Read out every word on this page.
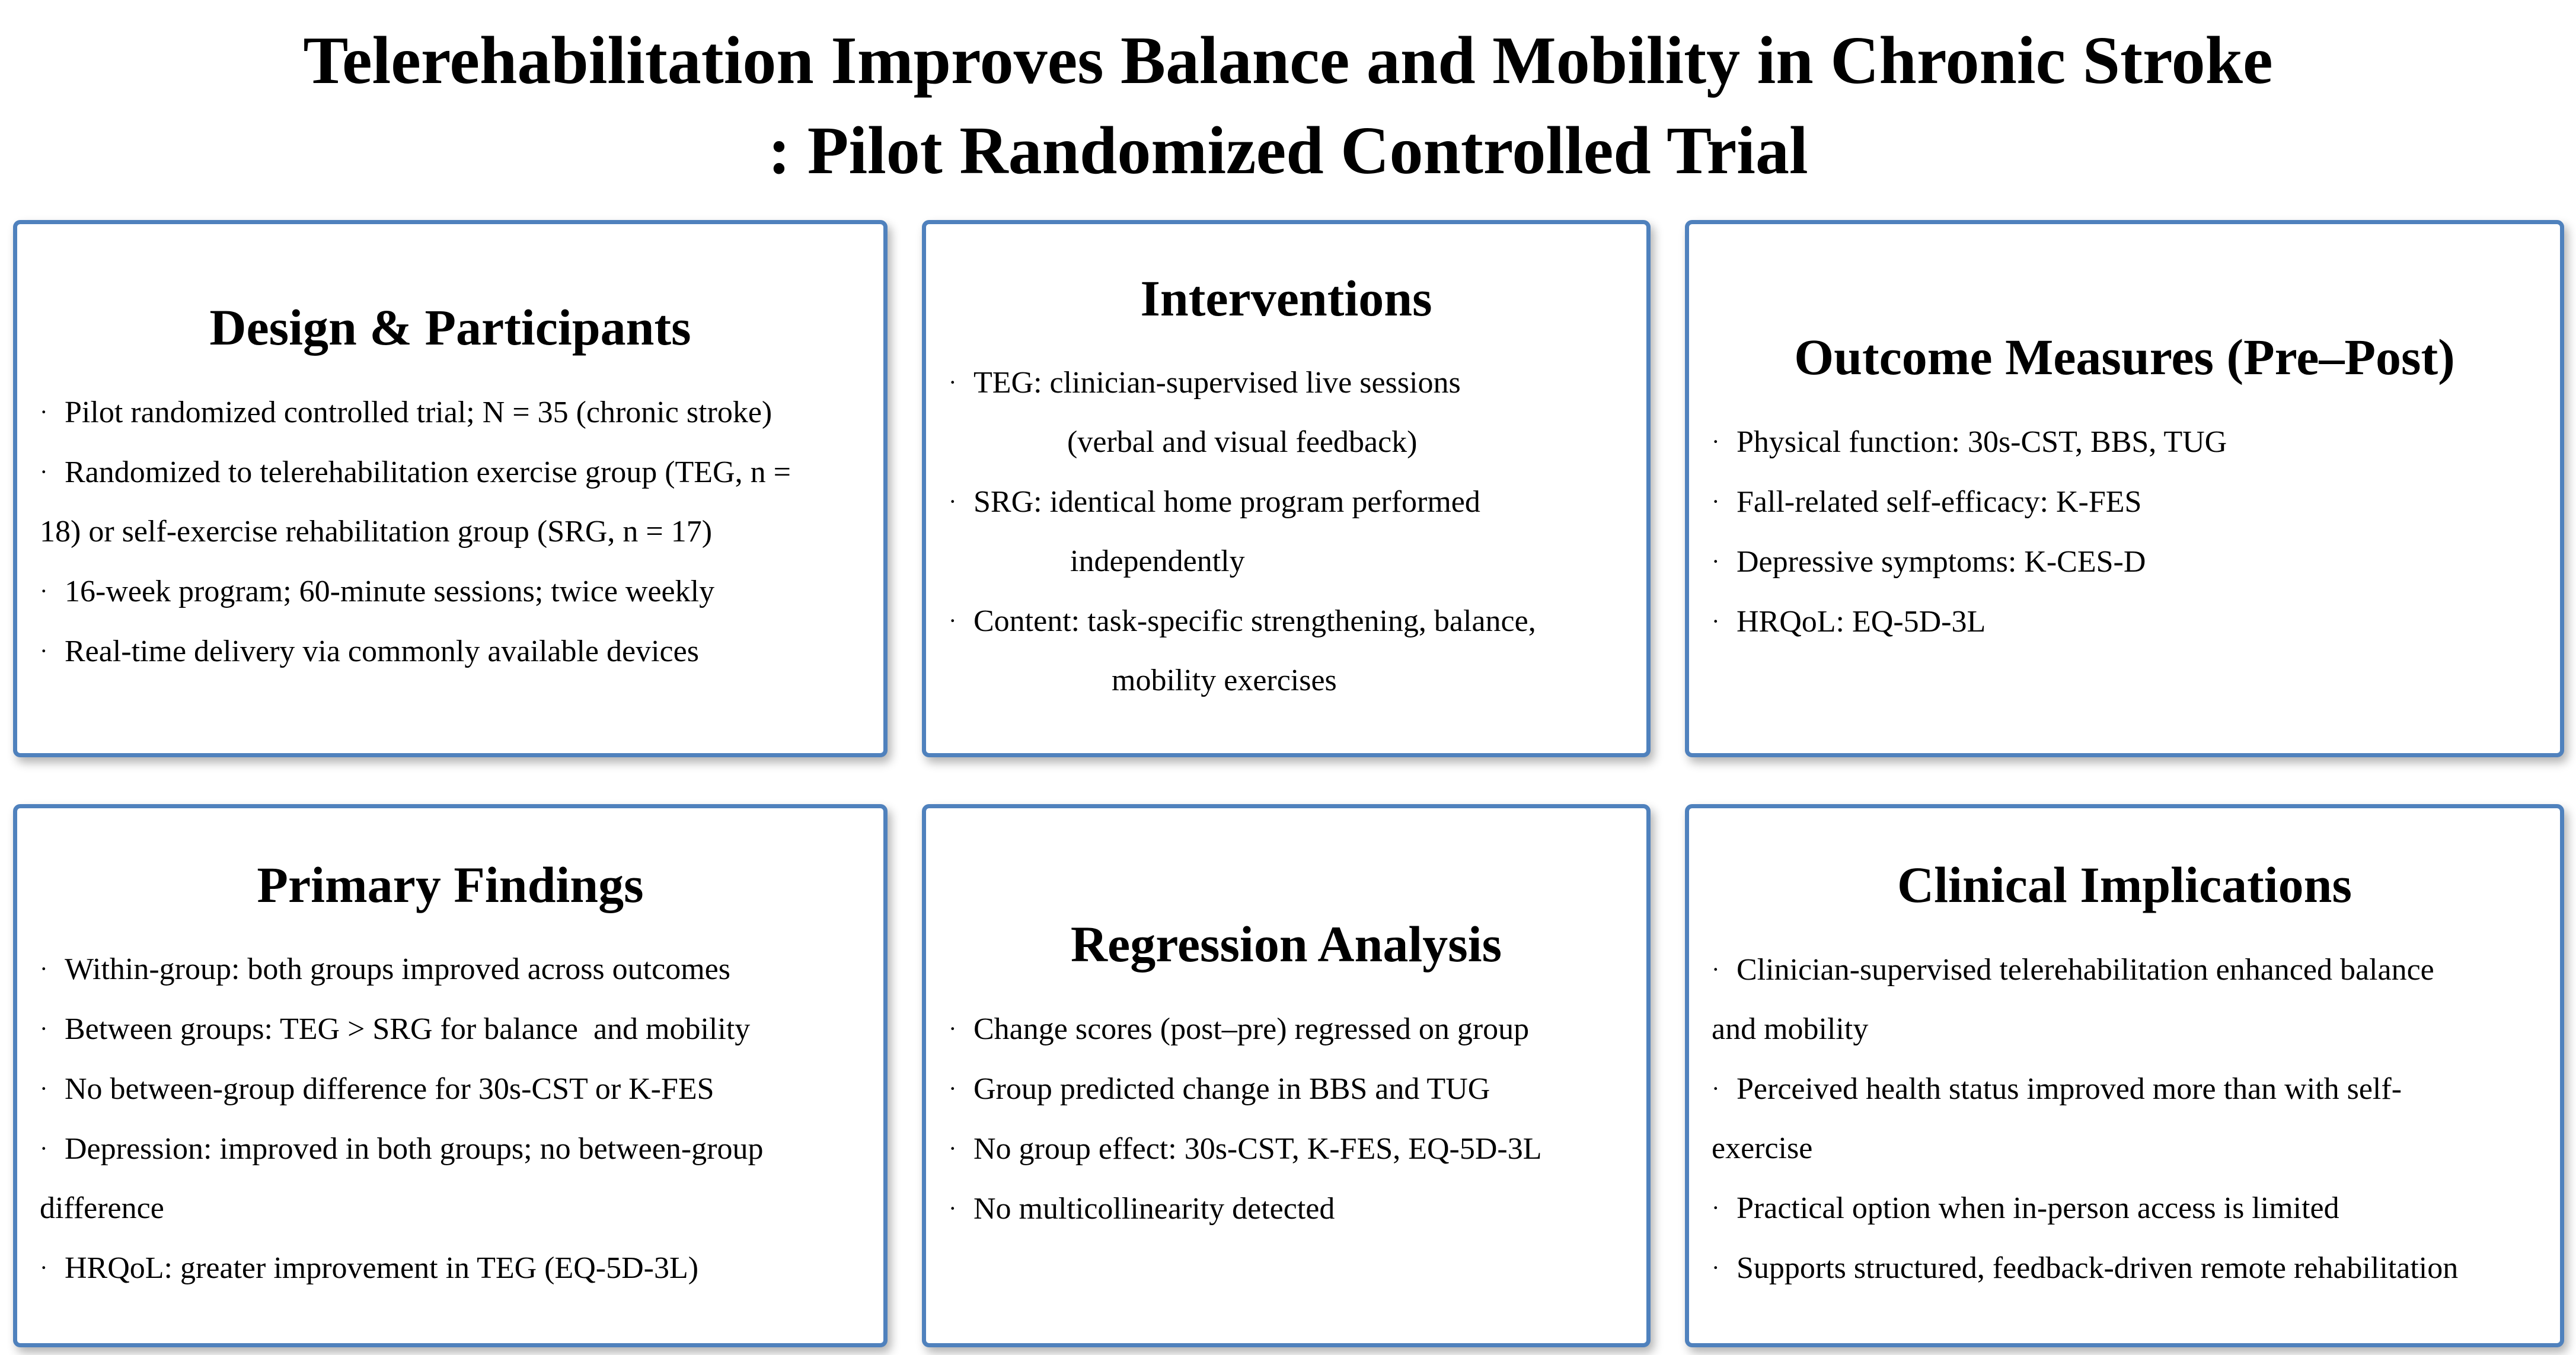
Telerehabilitation Improves Balance and Mobility in Chronic Stroke
: Pilot Randomized Controlled Trial
Design & Participants
· Pilot randomized controlled trial; N = 35 (chronic stroke)
· Randomized to telerehabilitation exercise group (TEG, n =
18) or self-exercise rehabilitation group (SRG, n = 17)
· 16-week program; 60-minute sessions; twice weekly
· Real-time delivery via commonly available devices
Interventions
· TEG: clinician-supervised live sessions
(verbal and visual feedback)
· SRG: identical home program performed
independently
· Content: task-specific strengthening, balance,
mobility exercises
Outcome Measures (Pre–Post)
· Physical function: 30s-CST, BBS, TUG
· Fall-related self-efficacy: K-FES
· Depressive symptoms: K-CES-D
· HRQoL: EQ-5D-3L
Primary Findings
· Within-group: both groups improved across outcomes
· Between groups: TEG > SRG for balance  and mobility
· No between-group difference for 30s-CST or K-FES
· Depression: improved in both groups; no between-group
difference
· HRQoL: greater improvement in TEG (EQ-5D-3L)
Regression Analysis
· Change scores (post–pre) regressed on group
· Group predicted change in BBS and TUG
· No group effect: 30s-CST, K-FES, EQ-5D-3L
· No multicollinearity detected
Clinical Implications
· Clinician-supervised telerehabilitation enhanced balance
and mobility
· Perceived health status improved more than with self-
exercise
· Practical option when in-person access is limited
· Supports structured, feedback-driven remote rehabilitation
